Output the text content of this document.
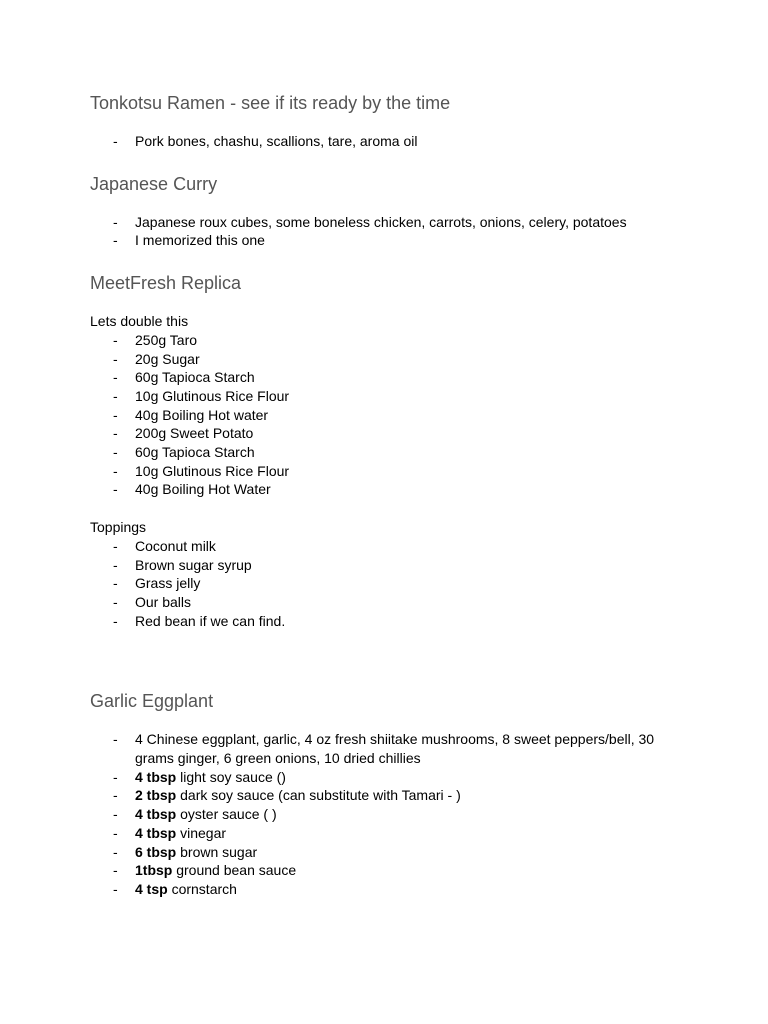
Tonkotsu Ramen - see if its ready by the time
- Pork bones, chashu, scallions, tare, aroma oil
Japanese Curry
- Japanese roux cubes, some boneless chicken, carrots, onions, celery, potatoes
- I memorized this one
MeetFresh Replica

Lets double this

- 250g Taro
- 20g Sugar
- 60g Tapioca Starch
- 10g Glutinous Rice Flour
- 40g Boiling Hot water
- 200g Sweet Potato
- 60g Tapioca Starch
- 10g Glutinous Rice Flour
- 40g Boiling Hot Water

Toppings

- Coconut milk
- Brown sugar syrup
- Grass jelly
- Our balls
- Red bean if we can find.
Garlic Eggplant
- 4 Chinese eggplant, garlic, 4 oz fresh shiitake mushrooms, 8 sweet peppers/bell, 30 grams ginger, 6 green onions, 10 dried chillies
- 4 tbsp light soy sauce ()
- 2 tbsp dark soy sauce (can substitute with Tamari - )
- 4 tbsp oyster sauce ( )
- 4 tbsp vinegar
- 6 tbsp brown sugar
- 1tbsp ground bean sauce
- 4 tsp cornstarch
